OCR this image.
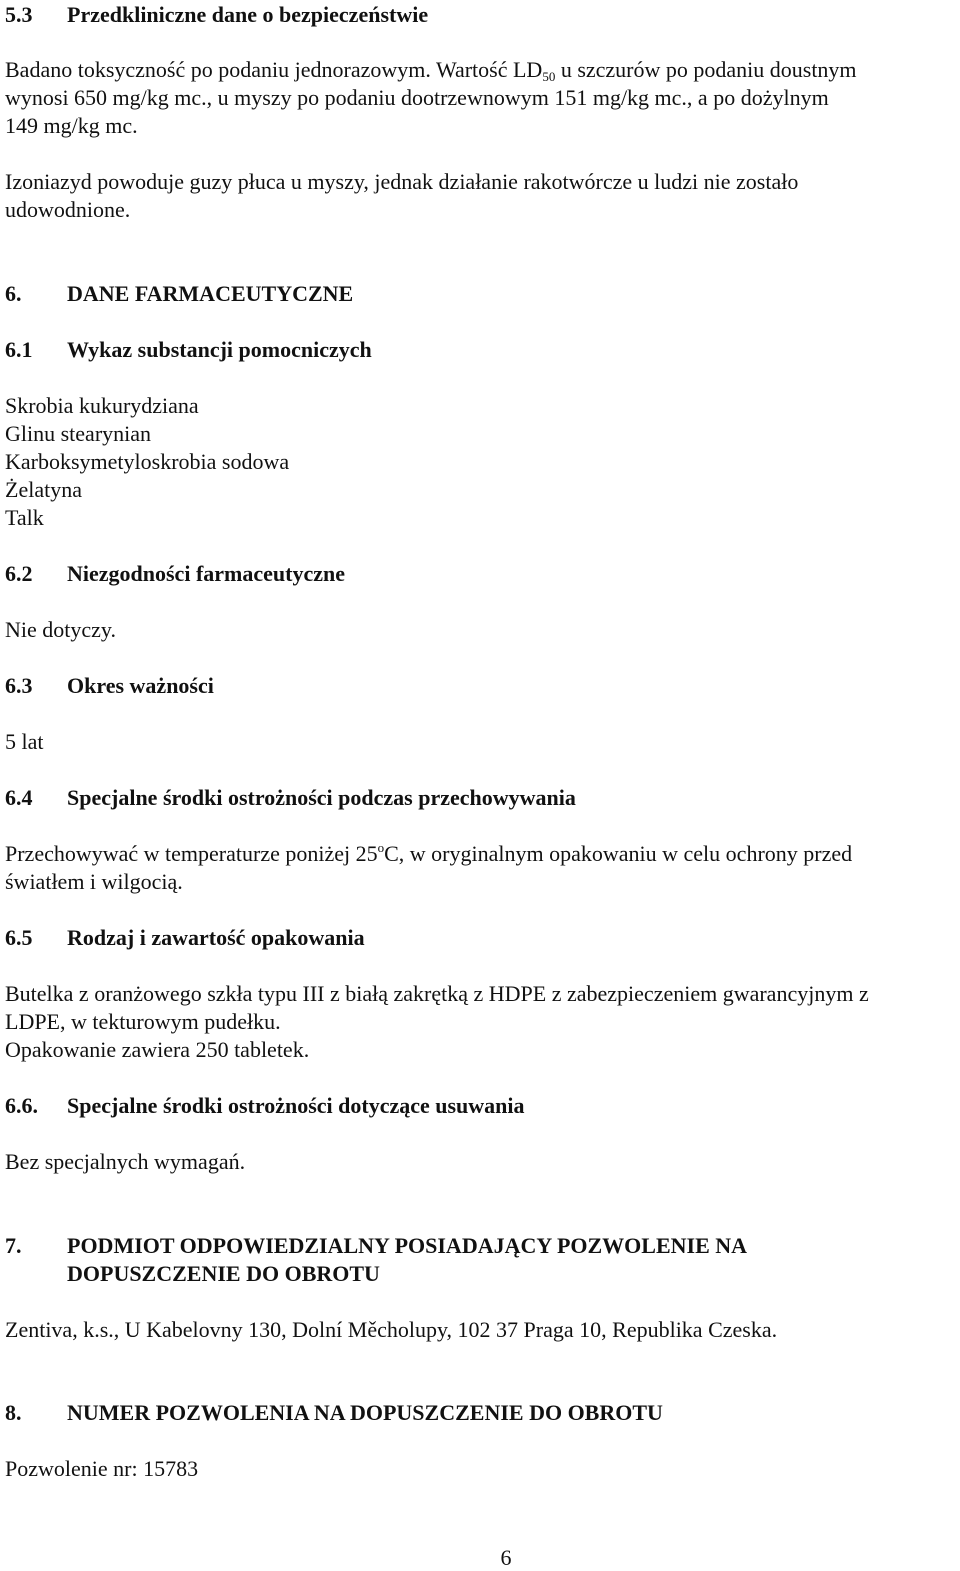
5.3 Przedkliniczne dane o bezpieczeństwie
Badano toksyczność po podaniu jednorazowym. Wartość $LD_{50}$ u szczurów po podaniu doustnym
wynosi 650 mg/kg mc., u myszy po podaniu dootrzewnowym 151 mg/kg mc., a po dożylnym
149 mg/kg mc.
Izoniazyd powoduje guzy płuca u myszy, jednak działanie rakotwórcze u ludzi nie zostało
udowodnione.
6. DANE FARMACEUTYCZNE
6.1 Wykaz substancji pomocniczych
Skrobia kukurydziana
Glinu stearynian
Karboksymetyloskrobia sodowa
Żelatyna
Talk
6.2 Niezgodności farmaceutyczne
Nie dotyczy.
6.3 Okres ważności
5 lat
6.4 Specjalne środki ostrożności podczas przechowywania
Przechowywać w temperaturze poniżej 25$^o$C, w oryginalnym opakowaniu w celu ochrony przed
światłem i wilgocią.
6.5 Rodzaj i zawartość opakowania
Butelka z oranżowego szkła typu III z białą zakrętką z HDPE z zabezpieczeniem gwarancyjnym z
LDPE, w tekturowym pudełku.
Opakowanie zawiera 250 tabletek.
6.6. Specjalne środki ostrożności dotyczące usuwania
Bez specjalnych wymagań.
7. PODMIOT ODPOWIEDZIALNY POSIADAJĄCY POZWOLENIE NA
DOPUSZCZENIE DO OBROTU
Zentiva, k.s., U Kabelovny 130, Dolní Měcholupy, 102 37 Praga 10, Republika Czeska.
8. NUMER POZWOLENIA NA DOPUSZCZENIE DO OBROTU
Pozwolenie nr: 15783
6
